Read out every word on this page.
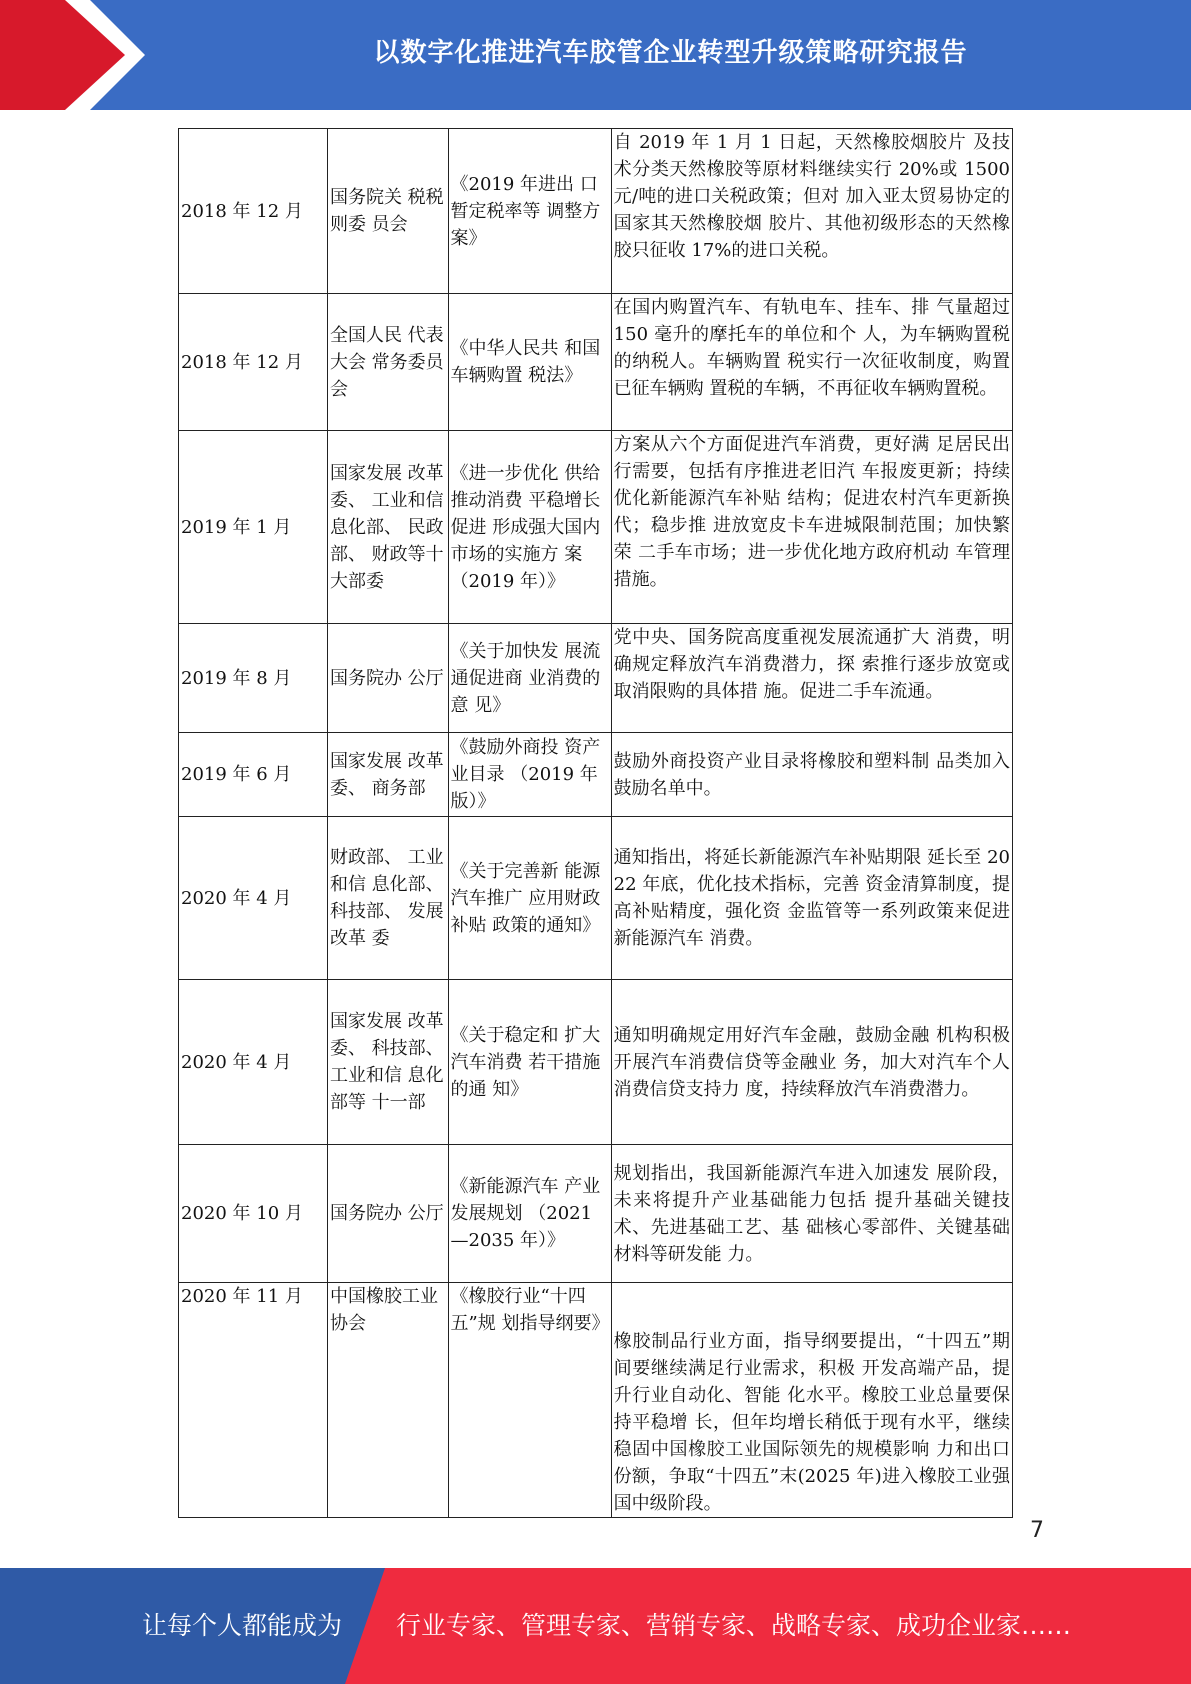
以数字化推进汽车胶管企业转型升级策略研究报告
2018 年 12 月	国务院关 税税则委 员会	《2019 年进出 口暂定税率等 调整方案》	自 2019 年 1 月 1 日起，天然橡胶烟胶片 及技术分类天然橡胶等原材料继续实行 20%或 1500 元/吨的进口关税政策；但对 加入亚太贸易协定的国家其天然橡胶烟 胶片、其他初级形态的天然橡胶只征收 17%的进口关税。
2018 年 12 月	全国人民 代表大会 常务委员 会	《中华人民共 和国车辆购置 税法》	在国内购置汽车、有轨电车、挂车、排 气量超过 150 毫升的摩托车的单位和个 人，为车辆购置税的纳税人。车辆购置 税实行一次征收制度，购置已征车辆购 置税的车辆，不再征收车辆购置税。
2019 年 1 月	国家发展 改革委、 工业和信 息化部、 民政部、 财政等十 大部委	《进一步优化 供给推动消费 平稳增长促进 形成强大国内 市场的实施方 案（2019 年）》	方案从六个方面促进汽车消费，更好满 足居民出行需要，包括有序推进老旧汽 车报废更新；持续优化新能源汽车补贴 结构；促进农村汽车更新换代；稳步推 进放宽皮卡车进城限制范围；加快繁荣 二手车市场；进一步优化地方政府机动 车管理措施。
2019 年 8 月	国务院办 公厅	《关于加快发 展流通促进商 业消费的意 见》	党中央、国务院高度重视发展流通扩大 消费，明确规定释放汽车消费潜力，探 索推行逐步放宽或取消限购的具体措 施。促进二手车流通。
2019 年 6 月	国家发展 改革委、 商务部	《鼓励外商投 资产业目录 （2019 年版）》	鼓励外商投资产业目录将橡胶和塑料制 品类加入鼓励名单中。
2020 年 4 月	财政部、 工业和信 息化部、 科技部、 发展改革 委	《关于完善新 能源汽车推广 应用财政补贴 政策的通知》	通知指出，将延长新能源汽车补贴期限 延长至 2022 年底，优化技术指标，完善 资金清算制度，提高补贴精度，强化资 金监管等一系列政策来促进新能源汽车 消费。
2020 年 4 月	国家发展 改革委、 科技部、 工业和信 息化部等 十一部	《关于稳定和 扩大汽车消费 若干措施的通 知》	通知明确规定用好汽车金融，鼓励金融 机构积极开展汽车消费信贷等金融业 务，加大对汽车个人消费信贷支持力 度，持续释放汽车消费潜力。
2020 年 10 月	国务院办 公厅	《新能源汽车 产业发展规划 （2021—2035 年）》	规划指出，我国新能源汽车进入加速发 展阶段，未来将提升产业基础能力包括 提升基础关键技术、先进基础工艺、基 础核心零部件、关键基础材料等研发能 力。
2020 年 11 月	中国橡胶工业协会	《橡胶行业“十四五”规 划指导纲要》	橡胶制品行业方面，指导纲要提出，“十四五”期间要继续满足行业需求，积极 开发高端产品，提升行业自动化、智能 化水平。橡胶工业总量要保持平稳增 长，但年均增长稍低于现有水平，继续 稳固中国橡胶工业国际领先的规模影响 力和出口份额，争取“十四五”末(2025 年)进入橡胶工业强国中级阶段。
7
让每个人都能成为 行业专家、管理专家、营销专家、战略专家、成功企业家……
